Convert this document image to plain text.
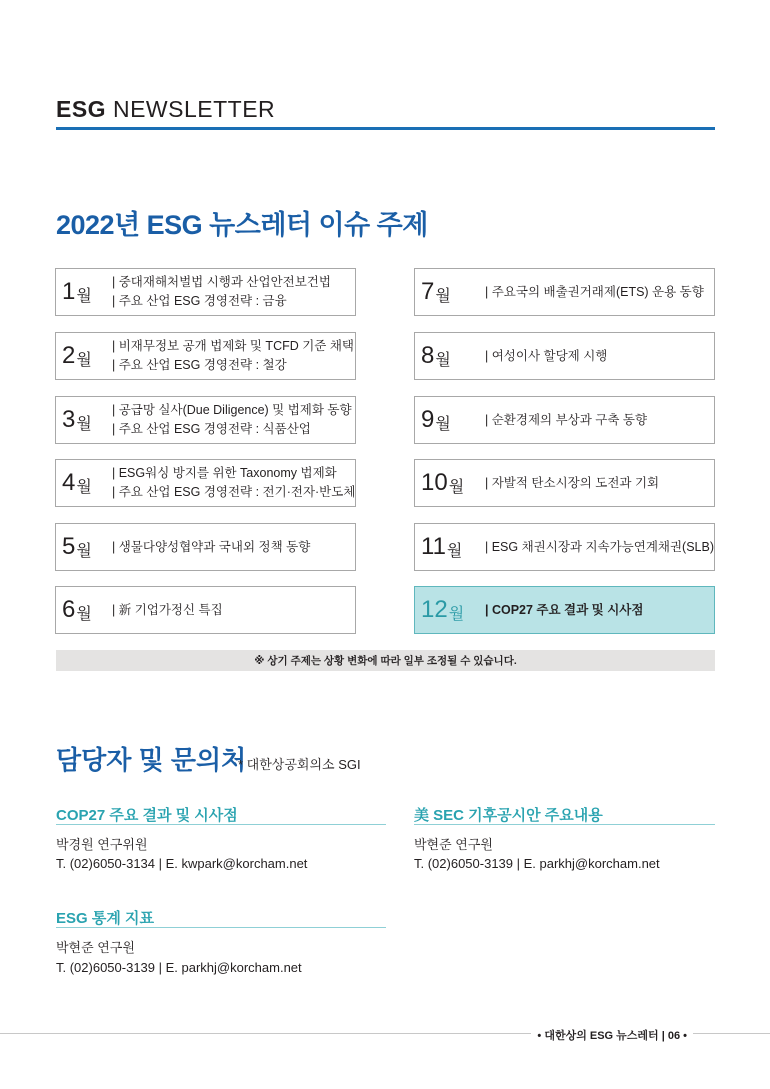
ESG NEWSLETTER
2022년 ESG 뉴스레터 이슈 주제
1 월
| 중대재해처벌법 시행과 산업안전보건법
| 주요 산업 ESG 경영전략 : 금융
2 월
| 비재무정보 공개 법제화 및 TCFD 기준 채택
| 주요 산업 ESG 경영전략 : 철강
3 월
| 공급망 실사(Due Diligence) 및 법제화 동향
| 주요 산업 ESG 경영전략 : 식품산업
4 월
| ESG워싱 방지를 위한 Taxonomy 법제화
| 주요 산업 ESG 경영전략 : 전기·전자·반도체
5 월 | 생물다양성협약과 국내외 정책 동향
6 월 | 新 기업가정신 특집
7 월	| 주요국의 배출권거래제(ETS) 운용 동향
8 월	| 여성이사 할당제 시행
9 월	| 순환경제의 부상과 구축 동향
10 월 | 자발적 탄소시장의 도전과 기회
11 월 | ESG 채권시장과 지속가능연계채권(SLB)
12 월 | COP27 주요 결과 및 시사점
※ 상기 주제는 상황 변화에 따라 일부 조정될 수 있습니다.
담당자 및 문의처
* 대한상공회의소 SGI
COP27 주요 결과 및 시사점
박경원 연구위원
T. (02)6050-3134 | E. kwpark@korcham.net
美 SEC 기후공시안 주요내용
박현준 연구원
T. (02)6050-3139 | E. parkhj@korcham.net
ESG 통계 지표
박현준 연구원
T. (02)6050-3139 | E. parkhj@korcham.net
• 대한상의 ESG 뉴스레터 | 06 •
